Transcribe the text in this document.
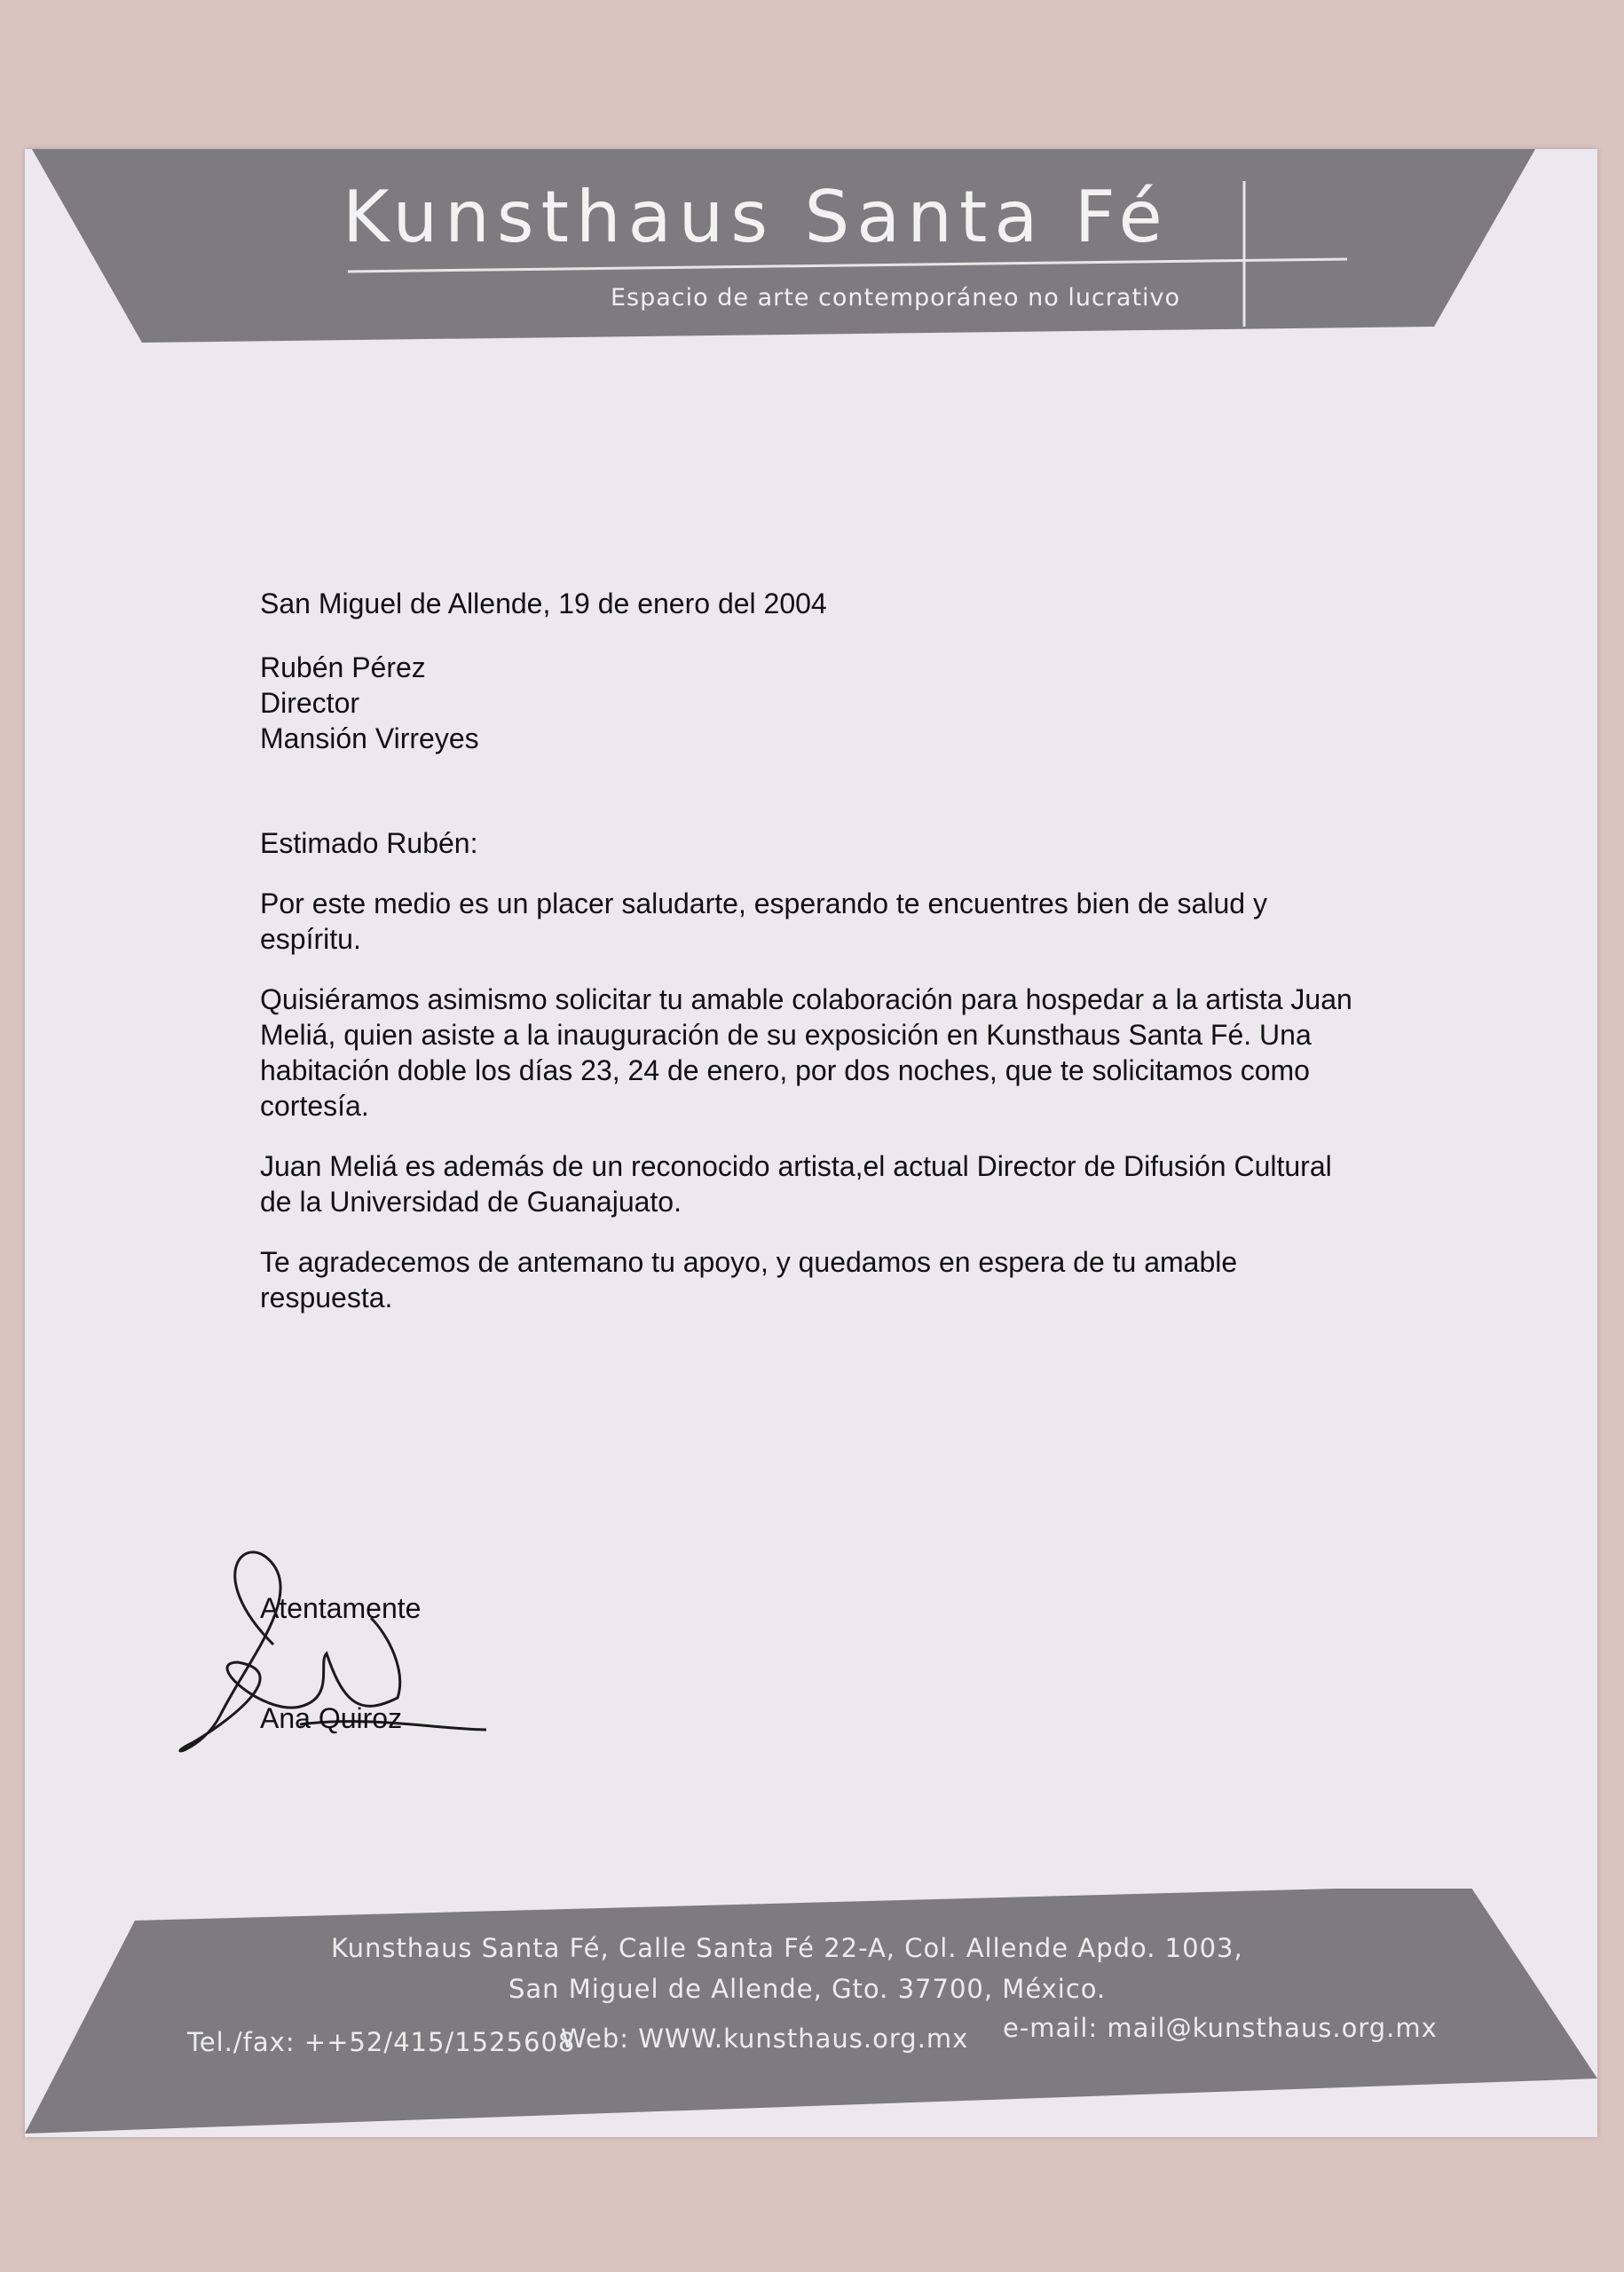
Kunsthaus Santa Fé
Espacio de arte contemporáneo no lucrativo

San Miguel de Allende, 19 de enero del 2004

Rubén Pérez

Director

Mansión Virreyes

Estimado Rubén:

Por este medio es un placer saludarte, esperando te encuentres bien de salud y espíritu.

Quisiéramos asimismo solicitar tu amable colaboración para hospedar a la artista Juan Meliá, quien asiste a la inauguración de su exposición en Kunsthaus Santa Fé. Una habitación doble los días 23, 24 de enero, por dos noches, que te solicitamos como cortesía.

Juan Meliá es además de un reconocido artista,el actual Director de Difusión Cultural de la Universidad de Guanajuato.

Te agradecemos de antemano tu apoyo, y quedamos en espera de tu amable respuesta.

Atentamente
Ana Quiroz
Kunsthaus Santa Fé, Calle Santa Fé 22-A, Col. Allende Apdo. 1003,
San Miguel de Allende, Gto. 37700, México.
Tel./fax: ++52/415/1525608
Web: WWW.kunsthaus.org.mx e-mail: mail@kunsthaus.org.mx
